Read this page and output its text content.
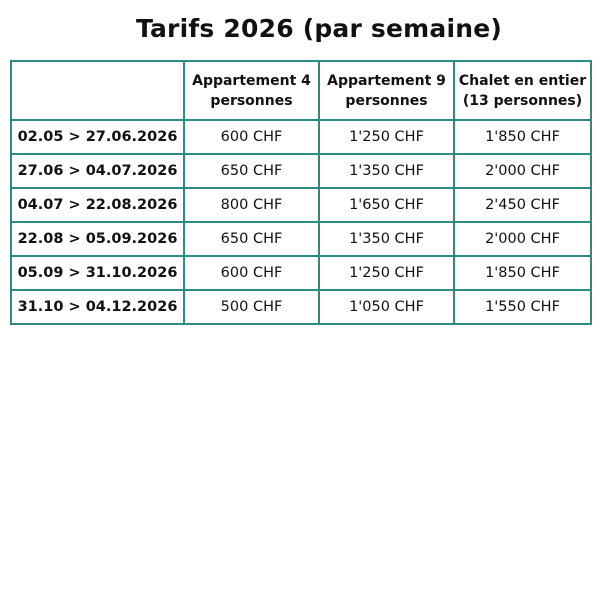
Tarifs 2026 (par semaine)
	Appartement 4 personnes	Appartement 9 personnes	Chalet en entier (13 personnes)
02.05 > 27.06.2026	600 CHF	1'250 CHF	1'850 CHF
27.06 > 04.07.2026	650 CHF	1'350 CHF	2'000 CHF
04.07 > 22.08.2026	800 CHF	1'650 CHF	2'450 CHF
22.08 > 05.09.2026	650 CHF	1'350 CHF	2'000 CHF
05.09 > 31.10.2026	600 CHF	1'250 CHF	1'850 CHF
31.10 > 04.12.2026	500 CHF	1'050 CHF	1'550 CHF
